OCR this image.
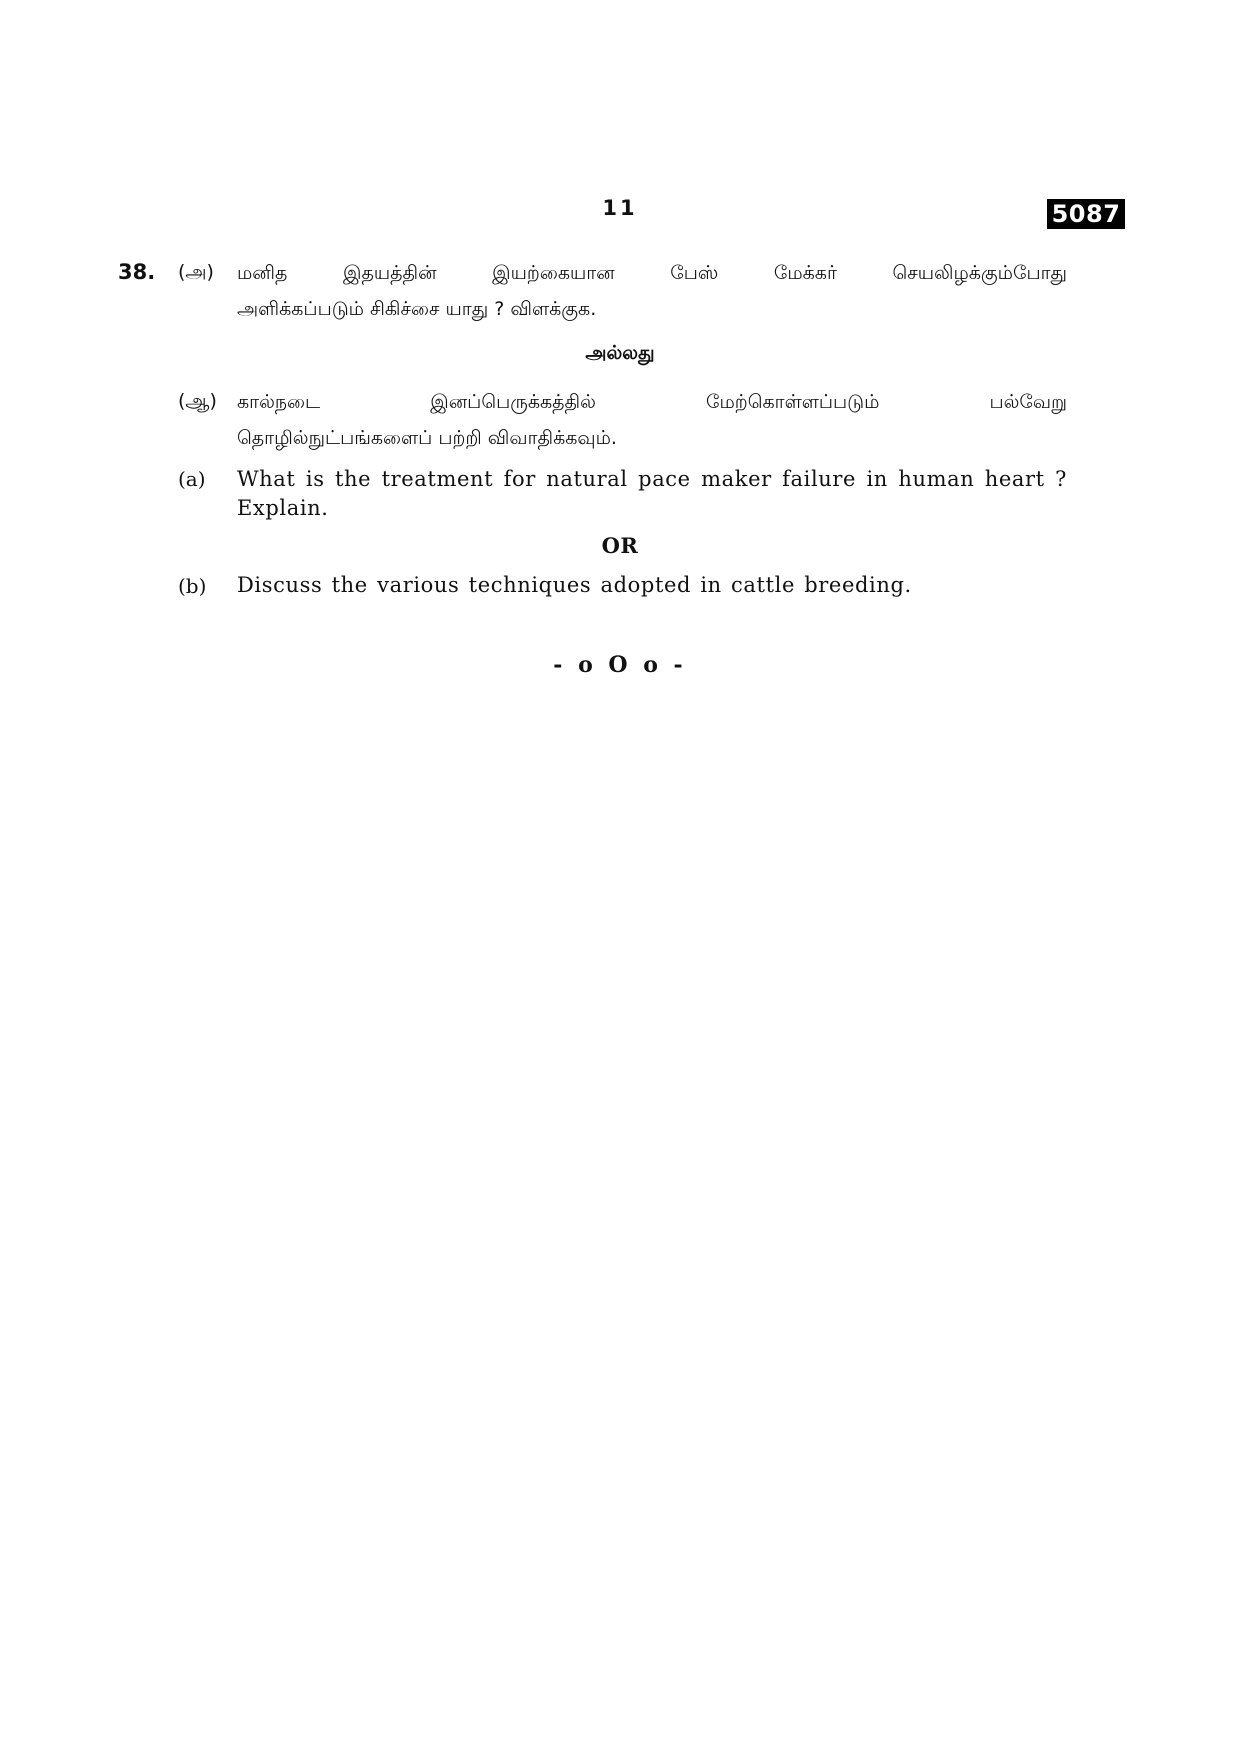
11	5087
38. (அ) மனித இதயத்தின் இயற்கையான பேஸ் மேக்கர் செயலிழக்கும்போது
அளிக்கப்படும் சிகிச்சை யாது ? விளக்குக.
அல்லது
(ஆ) கால்நடை இனப்பெருக்கத்தில் மேற்கொள்ளப்படும் பல்வேறு
தொழில்நுட்பங்களைப் பற்றி விவாதிக்கவும்.
(a) What is the treatment for natural pace maker failure in human heart ?
Explain.
OR
(b) Discuss the various techniques adopted in cattle breeding.
- o O o -
